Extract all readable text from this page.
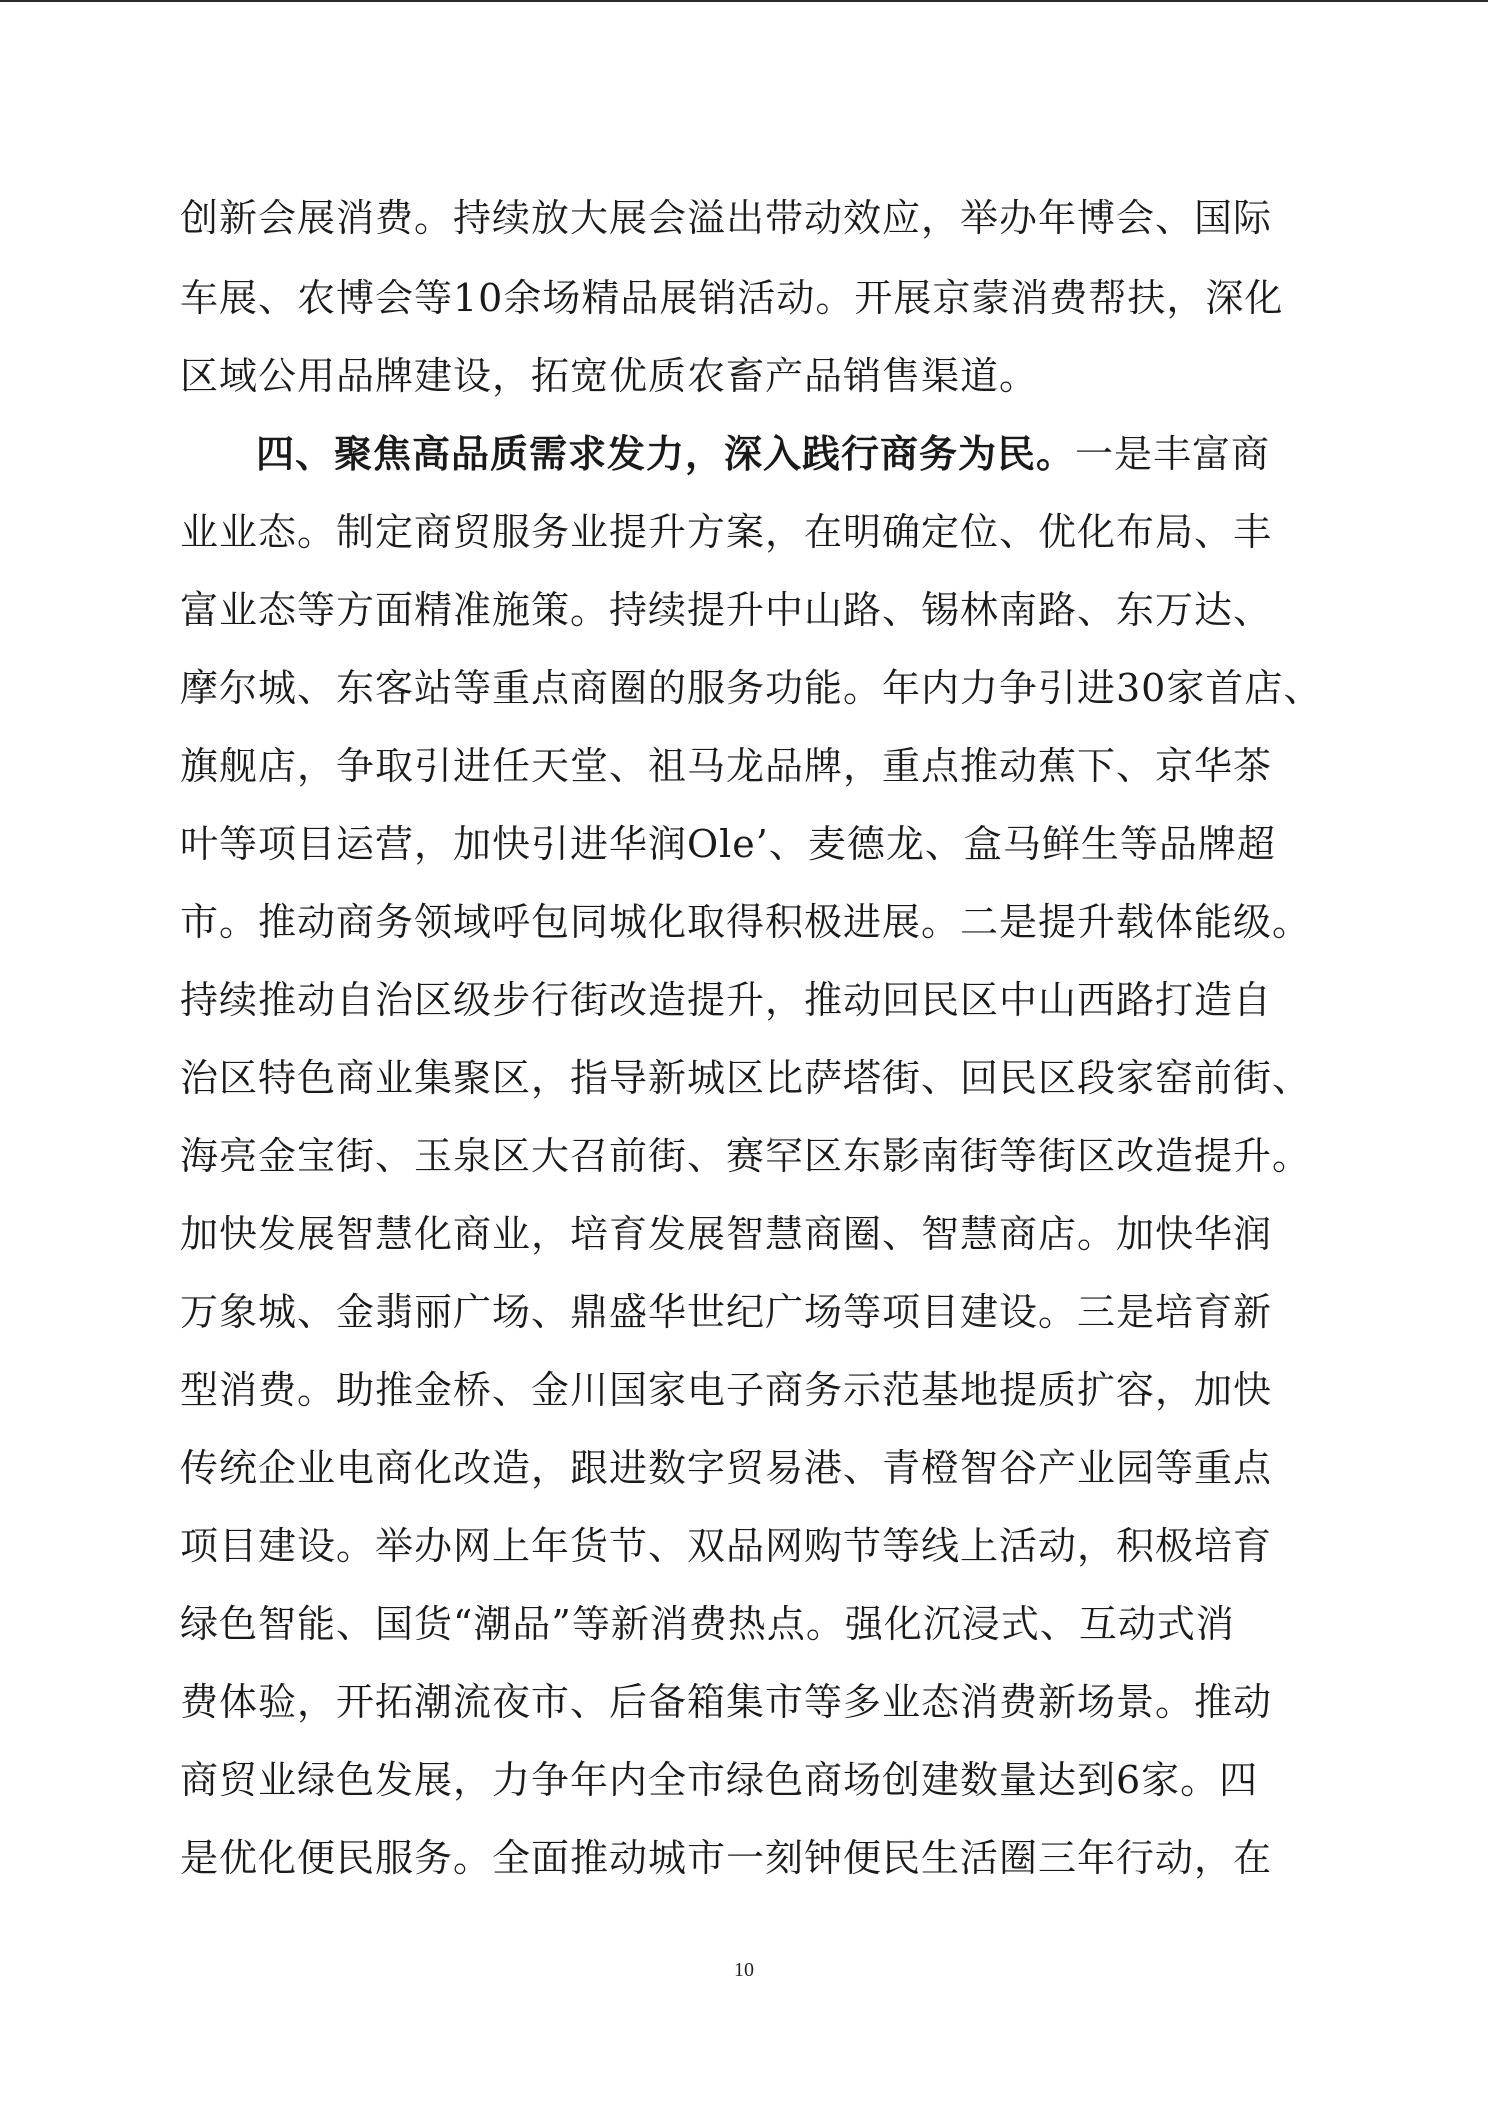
创新会展消费。持续放大展会溢出带动效应，举办年博会、国际
车展、农博会等10余场精品展销活动。开展京蒙消费帮扶，深化
区域公用品牌建设，拓宽优质农畜产品销售渠道。
四、聚焦高品质需求发力，深入践行商务为民。一是丰富商
业业态。制定商贸服务业提升方案，在明确定位、优化布局、丰
富业态等方面精准施策。持续提升中山路、锡林南路、东万达、
摩尔城、东客站等重点商圈的服务功能。年内力争引进30家首店、
旗舰店，争取引进任天堂、祖马龙品牌，重点推动蕉下、京华茶
叶等项目运营，加快引进华润Ole’、麦德龙、盒马鲜生等品牌超
市。推动商务领域呼包同城化取得积极进展。二是提升载体能级。
持续推动自治区级步行街改造提升，推动回民区中山西路打造自
治区特色商业集聚区，指导新城区比萨塔街、回民区段家窑前街、
海亮金宝街、玉泉区大召前街、赛罕区东影南街等街区改造提升。
加快发展智慧化商业，培育发展智慧商圈、智慧商店。加快华润
万象城、金翡丽广场、鼎盛华世纪广场等项目建设。三是培育新
型消费。助推金桥、金川国家电子商务示范基地提质扩容，加快
传统企业电商化改造，跟进数字贸易港、青橙智谷产业园等重点
项目建设。举办网上年货节、双品网购节等线上活动，积极培育
绿色智能、国货“潮品”等新消费热点。强化沉浸式、互动式消
费体验，开拓潮流夜市、后备箱集市等多业态消费新场景。推动
商贸业绿色发展，力争年内全市绿色商场创建数量达到6家。四
是优化便民服务。全面推动城市一刻钟便民生活圈三年行动，在
10
